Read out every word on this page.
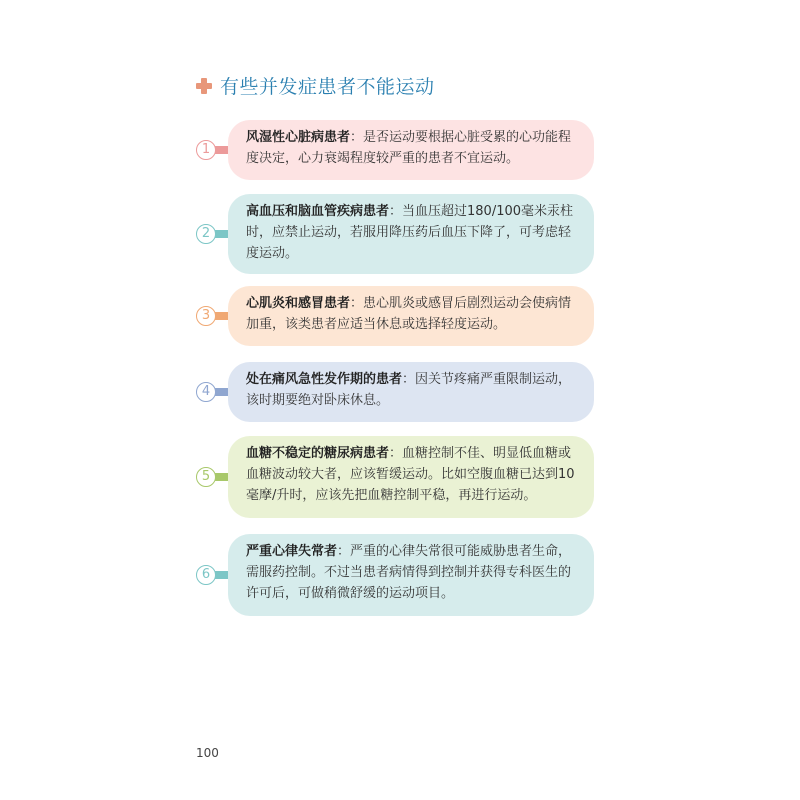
有些并发症患者不能运动
1
风湿性心脏病患者：是否运动要根据心脏受累的心功能程度决定，心力衰竭程度较严重的患者不宜运动。
2
高血压和脑血管疾病患者：当血压超过180/100毫米汞柱时，应禁止运动，若服用降压药后血压下降了，可考虑轻度运动。
3
心肌炎和感冒患者：患心肌炎或感冒后剧烈运动会使病情加重，该类患者应适当休息或选择轻度运动。
4
处在痛风急性发作期的患者：因关节疼痛严重限制运动，该时期要绝对卧床休息。
5
血糖不稳定的糖尿病患者：血糖控制不佳、明显低血糖或血糖波动较大者，应该暂缓运动。比如空腹血糖已达到10毫摩/升时，应该先把血糖控制平稳，再进行运动。
6
严重心律失常者：严重的心律失常很可能威胁患者生命，需服药控制。不过当患者病情得到控制并获得专科医生的许可后，可做稍微舒缓的运动项目。
100
